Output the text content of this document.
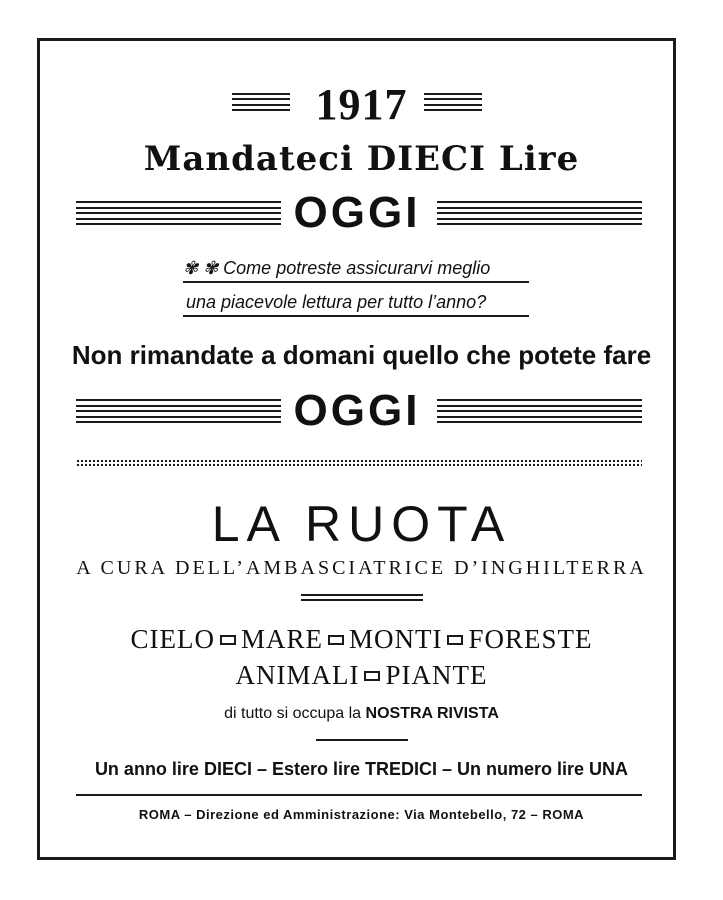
1917
Mandateci DIECI Lire
OGGI
✾ ✾ Come potreste assicurarvi meglio
una piacevole lettura per tutto l’anno?
Non rimandate a domani quello che potete fare
OGGI
LA RUOTA
A CURA DELL’AMBASCIATRICE D’INGHILTERRA
CIELO MARE MONTI FORESTE
ANIMALI PIANTE
di tutto si occupa la NOSTRA RIVISTA
Un anno lire DIECI – Estero lire TREDICI – Un numero lire UNA
ROMA – Direzione ed Amministrazione: Via Montebello, 72 – ROMA
